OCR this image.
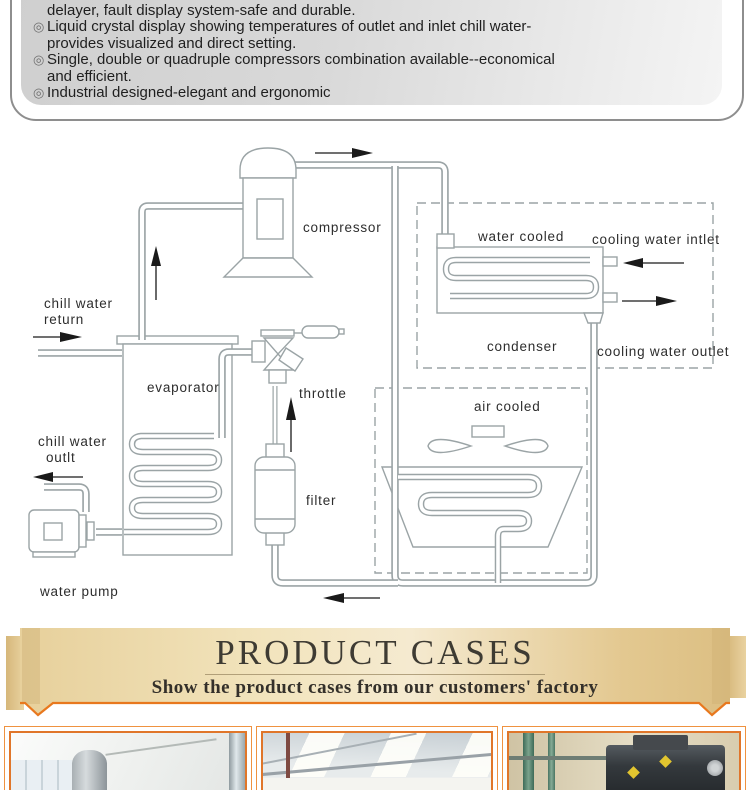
delayer, fault display system-safe and durable.
◎ Liquid crystal display showing temperatures of outlet and inlet chill water-
provides visualized and direct setting.
◎ Single, double or quadruple compressors combination available--economical
and efficient.
◎ Industrial designed-elegant and ergonomic
compressor
chill water
return
evaporator	throttle
water cooled cooling water intlet
condenser	cooling water outlet
air cooled
filter
chill water
outlt
water pump
PRODUCT CASES
Show the product cases from our customers' factory
